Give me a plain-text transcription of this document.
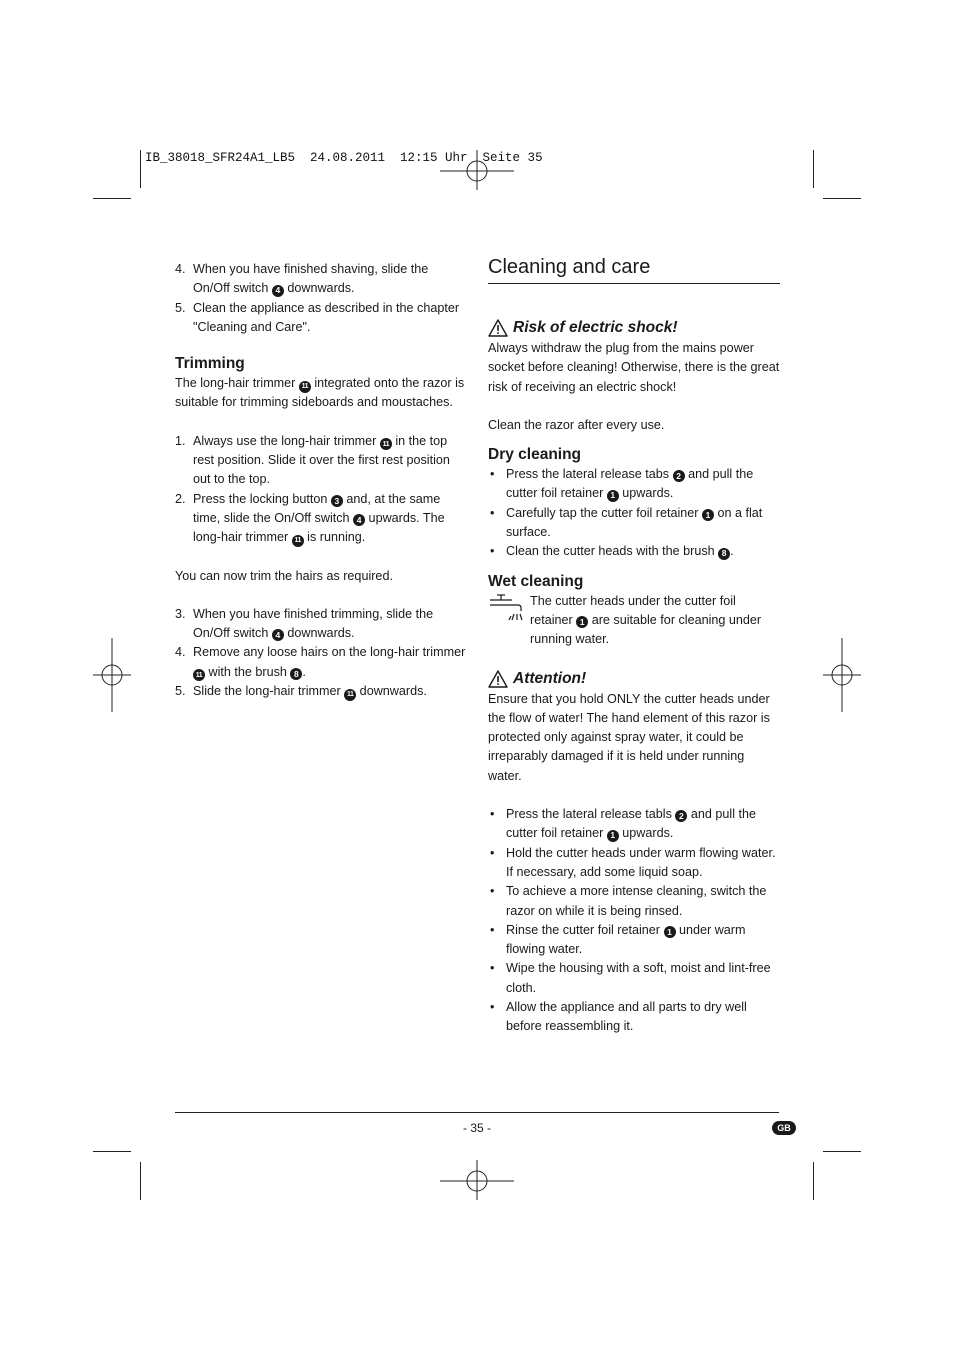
IB_38018_SFR24A1_LB5  24.08.2011  12:15 Uhr  Seite 35
4. When you have finished shaving, slide the On/Off switch 4 downwards.
5. Clean the appliance as described in the chapter "Cleaning and Care".
Trimming

The long-hair trimmer 11 integrated onto the razor is suitable for trimming sideboards and moustaches.

1. Always use the long-hair trimmer 11 in the top rest position. Slide it over the first rest position out to the top.
2. Press the locking button 3 and, at the same time, slide the On/Off switch 4 upwards. The long-hair trimmer 11 is running.

You can now trim the hairs as required.

3. When you have finished trimming, slide the On/Off switch 4 downwards.
4. Remove any loose hairs on the long-hair trimmer 11 with the brush 8 .
5. Slide the long-hair trimmer 11 downwards.
Cleaning and care
Risk of electric shock!

Always withdraw the plug from the mains power socket before cleaning! Otherwise, there is the great risk of receiving an electric shock!

Clean the razor after every use.

Dry cleaning
• Press the lateral release tabs 2 and pull the cutter foil retainer 1 upwards.
• Carefully tap the cutter foil retainer 1 on a flat surface.
• Clean the cutter heads with the brush 8 .
Wet cleaning

The cutter heads under the cutter foil retainer 1 are suitable for cleaning under running water.

Attention!

Ensure that you hold ONLY the cutter heads under the flow of water! The hand element of this razor is protected only against spray water, it could be irreparably damaged if it is held under running water.

• Press the lateral release tabls 2 and pull the cutter foil retainer 1 upwards.
• Hold the cutter heads under warm flowing water. If necessary, add some liquid soap.
• To achieve a more intense cleaning, switch the razor on while it is being rinsed.
• Rinse the cutter foil retainer 1 under warm flowing water.
• Wipe the housing with a soft, moist and lint-free cloth.
• Allow the appliance and all parts to dry well before reassembling it.
- 35 -	GB
